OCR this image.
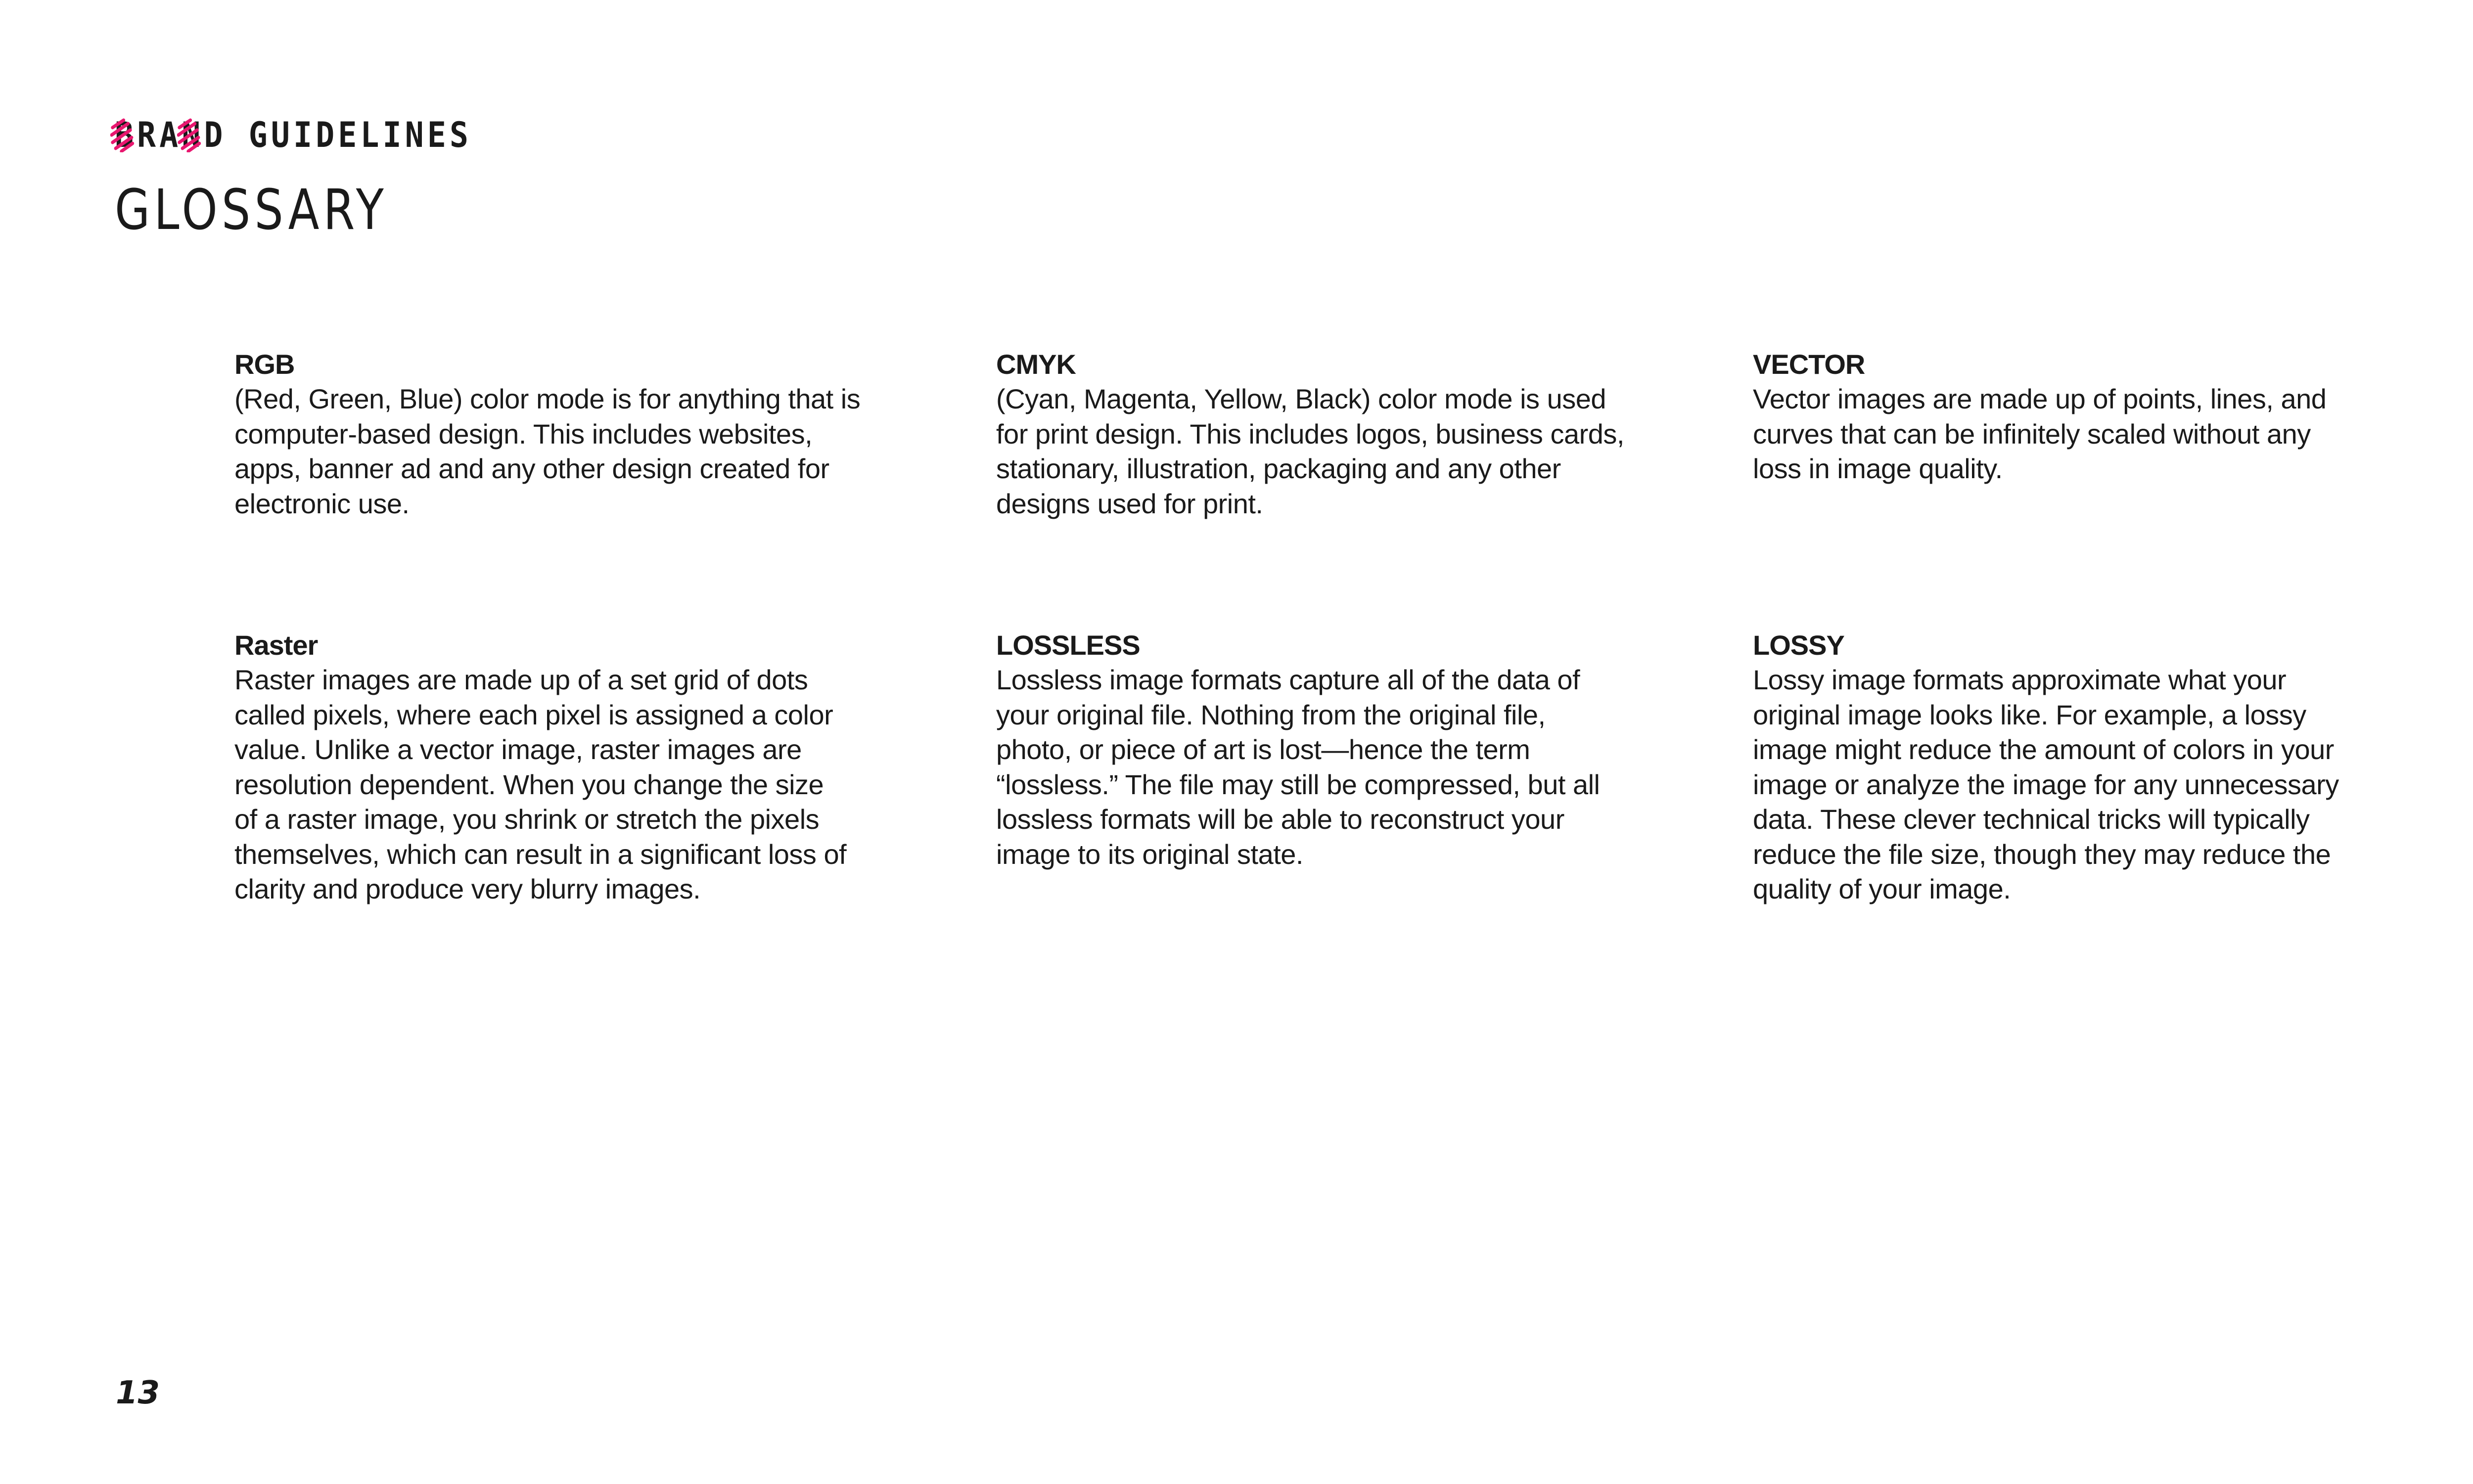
B
RAN
D GUIDELINES
GLOSSARY
RGB
(Red, Green, Blue) color mode is for anything that is
computer-based design. This includes websites,
apps, banner ad and any other design created for
electronic use.
CMYK
(Cyan, Magenta, Yellow, Black) color mode is used
for print design. This includes logos, business cards,
stationary, illustration, packaging and any other
designs used for print.
VECTOR
Vector images are made up of points, lines, and
curves that can be infinitely scaled without any
loss in image quality.
Raster
Raster images are made up of a set grid of dots
called pixels, where each pixel is assigned a color
value. Unlike a vector image, raster images are
resolution dependent. When you change the size
of a raster image, you shrink or stretch the pixels
themselves, which can result in a significant loss of
clarity and produce very blurry images.
LOSSLESS
Lossless image formats capture all of the data of
your original file. Nothing from the original file,
photo, or piece of art is lost—hence the term
“lossless.” The file may still be compressed, but all
lossless formats will be able to reconstruct your
image to its original state.
LOSSY
Lossy image formats approximate what your
original image looks like. For example, a lossy
image might reduce the amount of colors in your
image or analyze the image for any unnecessary
data. These clever technical tricks will typically
reduce the file size, though they may reduce the
quality of your image.
13
